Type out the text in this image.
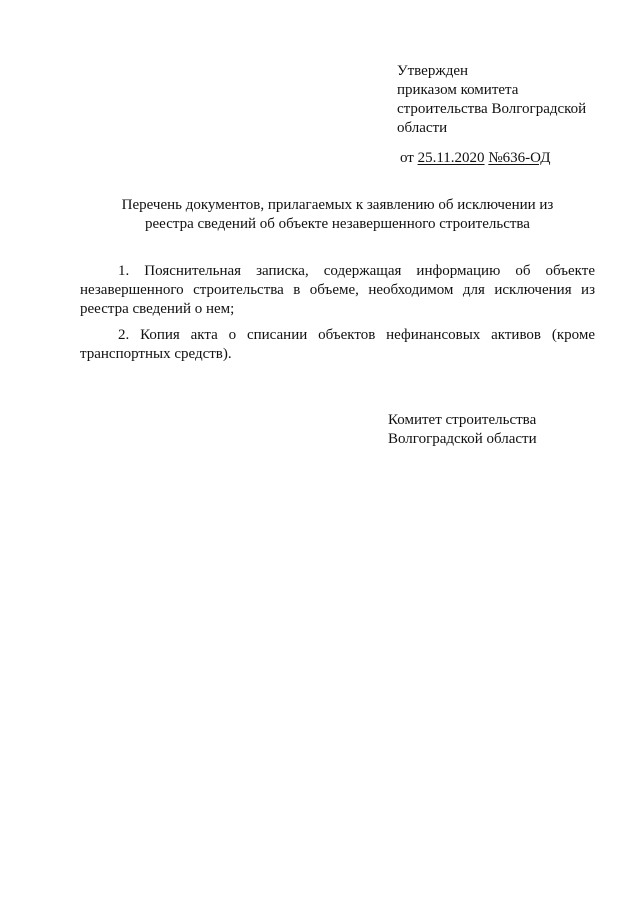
Утвержден
приказом комитета
строительства Волгоградской
области
от 25.11.2020 №636-ОД
Перечень документов, прилагаемых к заявлению об исключении из
реестра сведений об объекте незавершенного строительства

1. Пояснительная записка, содержащая информацию об объекте незавершенного строительства в объеме, необходимом для исключения из реестра сведений о нем;

2. Копия акта о списании объектов нефинансовых активов (кроме транспортных средств).

Комитет строительства
Волгоградской области
